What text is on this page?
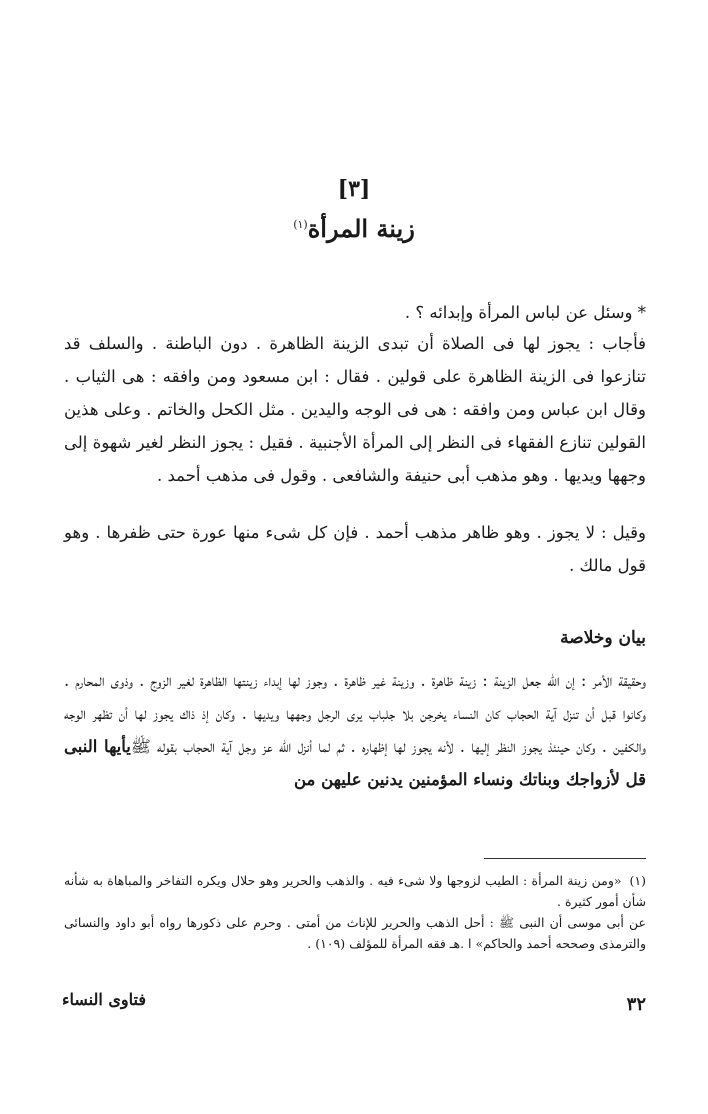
[٣]
زينة المرأة$^{(١)}$

* وسئل عن لباس المرأة وإبدائه ؟ .

فأجاب : يجوز لها فى الصلاة أن تبدى الزينة الظاهرة . دون الباطنة . والسلف قد تنازعوا فى الزينة الظاهرة على قولين . فقال : ابن مسعود ومن وافقه : هى الثياب . وقال ابن عباس ومن وافقه : هى فى الوجه واليدين . مثل الكحل والخاتم . وعلى هذين القولين تنازع الفقهاء فى النظر إلى المرأة الأجنبية . فقيل : يجوز النظر لغير شهوة إلى وجهها ويديها . وهو مذهب أبى حنيفة والشافعى . وقول فى مذهب أحمد .

وقيل : لا يجوز . وهو ظاهر مذهب أحمد . فإن كل شىء منها عورة حتى ظفرها . وهو قول مالك .

بيان وخلاصة

وحقيقة الأمر : إن الله جعل الزينة : زينة ظاهرة . وزينة غير ظاهرة . وجوز لها إبداء زينتها الظاهرة لغير الزوج . وذوى المحارم . وكانوا قبل أن تنزل آية الحجاب كان النساء يخرجن بلا جلباب يرى الرجل وجهها ويديها . وكان إذ ذاك يجوز لها أن تظهر الوجه والكفين . وكان حينئذ يجوز النظر إليها . لأنه يجوز لها إظهاره . ثم لما أنزل الله عز وجل آية الحجاب بقوله ﷺيأيها النبى قل لأزواجك وبناتك ونساء المؤمنين يدنين عليهن من

(١)«ومن زينة المرأة : الطيب لزوجها ولا شىء فيه . والذهب والحرير وهو حلال ويكره التفاخر والمباهاة به شأنه شأن أمور كثيرة .

عن أبى موسى أن النبى ﷺ : أحل الذهب والحرير للإناث من أمتى . وحرم على ذكورها رواه أبو داود والنسائى والترمذى وصححه أحمد والحاكم» ا .هـ فقه المرأة للمؤلف (١٠٩) .

٣٢
فتاوى النساء
